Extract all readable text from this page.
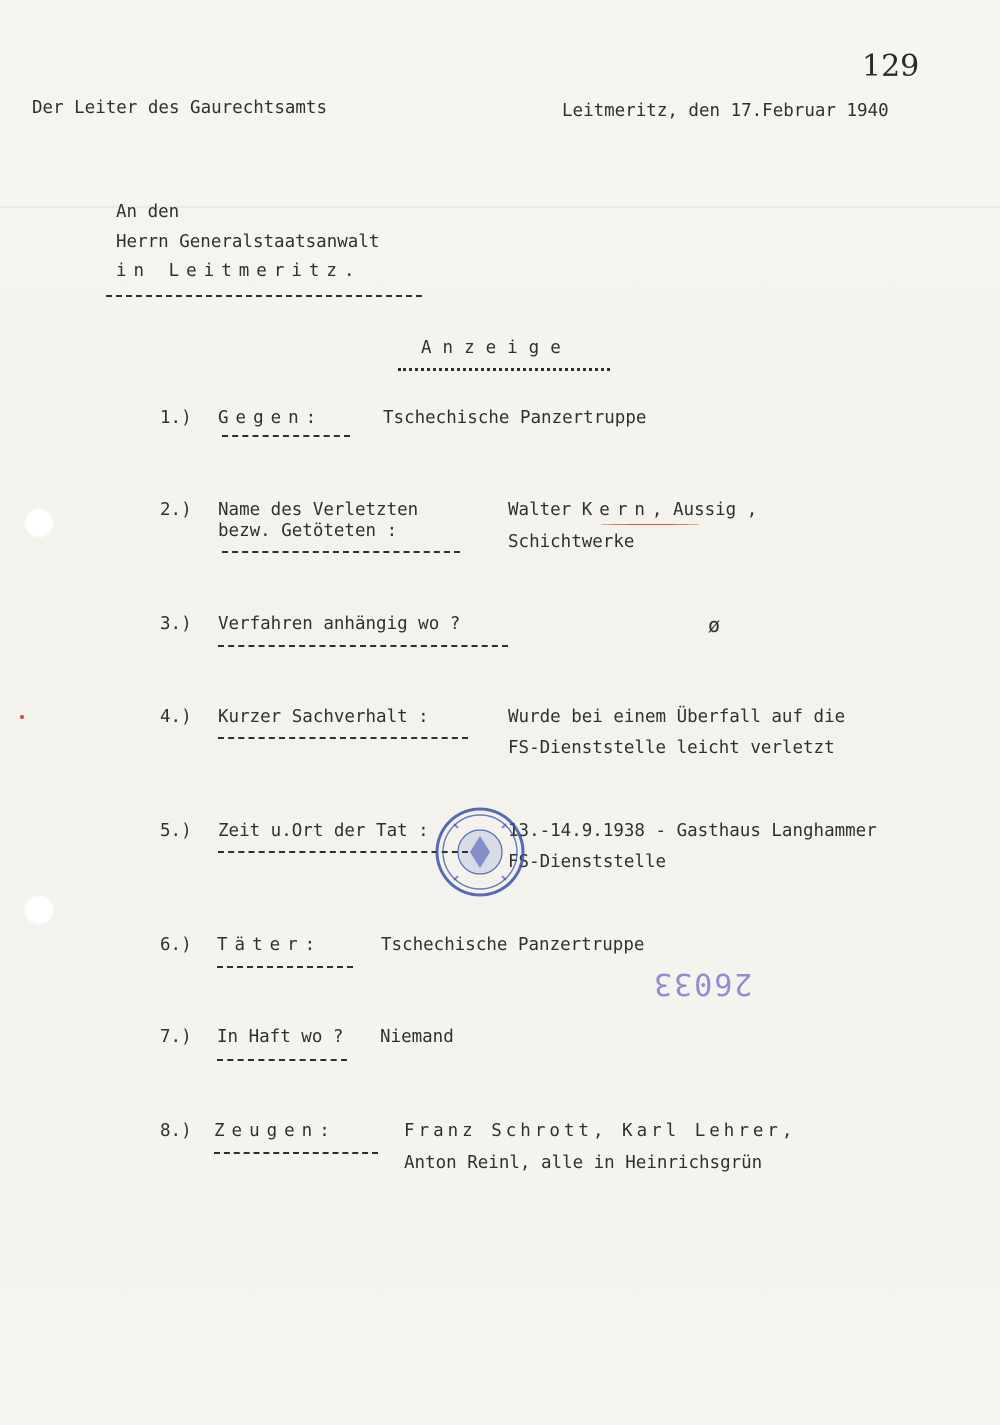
129
Der Leiter des Gaurechtsamts	Leitmeritz, den 17.Februar 1940
An den
Herrn Generalstaatsanwalt
in Leitmeritz.
Anzeige
1.) Gegen:	Tschechische Panzertruppe
2.) Name des Verletzten
bezw. Getöteten :
Walter Kern, Aussig ,
Schichtwerke
3.) Verfahren anhängig wo ?	ø
4.) Kurzer Sachverhalt :	Wurde bei einem Überfall auf die
FS-Dienststelle leicht verletzt
5.) Zeit u.Ort der Tat :	13.-14.9.1938 - Gasthaus Langhammer
FS-Dienststelle
6.) Täter:	Tschechische Panzertruppe
26033
7.) In Haft wo ? Niemand
8.) Zeugen:	Franz Schrott, Karl Lehrer,
Anton Reinl, alle in Heinrichsgrün
